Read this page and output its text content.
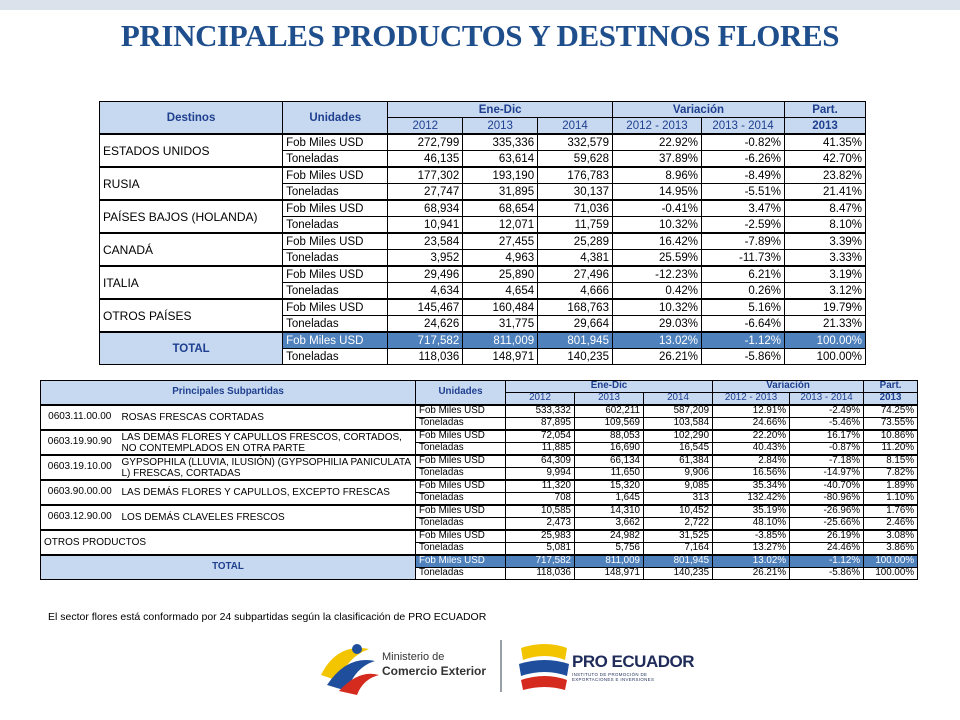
PRINCIPALES PRODUCTOS Y DESTINOS FLORES
Destinos	Unidades	Ene-Dic			Variación		Part.
		2012	2013	2014	2012 - 2013	2013 - 2014	2013
ESTADOS UNIDOS	Fob Miles USD	272,799	335,336	332,579	22.92%	-0.82%	41.35%
	Toneladas	46,135	63,614	59,628	37.89%	-6.26%	42.70%
RUSIA	Fob Miles USD	177,302	193,190	176,783	8.96%	-8.49%	23.82%
	Toneladas	27,747	31,895	30,137	14.95%	-5.51%	21.41%
PAÍSES BAJOS (HOLANDA)	Fob Miles USD	68,934	68,654	71,036	-0.41%	3.47%	8.47%
	Toneladas	10,941	12,071	11,759	10.32%	-2.59%	8.10%
CANADÁ	Fob Miles USD	23,584	27,455	25,289	16.42%	-7.89%	3.39%
	Toneladas	3,952	4,963	4,381	25.59%	-11.73%	3.33%
ITALIA	Fob Miles USD	29,496	25,890	27,496	-12.23%	6.21%	3.19%
	Toneladas	4,634	4,654	4,666	0.42%	0.26%	3.12%
OTROS PAÍSES	Fob Miles USD	145,467	160,484	168,763	10.32%	5.16%	19.79%
	Toneladas	24,626	31,775	29,664	29.03%	-6.64%	21.33%
TOTAL	Fob Miles USD	717,582	811,009	801,945	13.02%	-1.12%	100.00%
	Toneladas	118,036	148,971	140,235	26.21%	-5.86%	100.00%
Principales Subpartidas		Unidades	Ene-Dic			Variación		Part.
			2012	2013	2014	2012 - 2013	2013 - 2014	2013
0603.11.00.00	ROSAS FRESCAS CORTADAS	Fob Miles USD	533,332	602,211	587,209	12.91%	-2.49%	74.25%
		Toneladas	87,895	109,569	103,584	24.66%	-5.46%	73.55%
0603.19.90.90	LAS DEMÁS FLORES Y CAPULLOS FRESCOS, CORTADOS, NO CONTEMPLADOS EN OTRA PARTE	Fob Miles USD	72,054	88,053	102,290	22.20%	16.17%	10.86%
		Toneladas	11,885	16,690	16,545	40.43%	-0.87%	11.20%
0603.19.10.00	GYPSOPHILA (LLUVIA, ILUSIÓN) (GYPSOPHILIA PANICULATA L) FRESCAS, CORTADAS	Fob Miles USD	64,309	66,134	61,384	2.84%	-7.18%	8.15%
		Toneladas	9,994	11,650	9,906	16.56%	-14.97%	7.82%
0603.90.00.00	LAS DEMÁS FLORES Y CAPULLOS, EXCEPTO FRESCAS	Fob Miles USD	11,320	15,320	9,085	35.34%	-40.70%	1.89%
		Toneladas	708	1,645	313	132.42%	-80.96%	1.10%
0603.12.90.00	LOS DEMÁS CLAVELES FRESCOS	Fob Miles USD	10,585	14,310	10,452	35.19%	-26.96%	1.76%
		Toneladas	2,473	3,662	2,722	48.10%	-25.66%	2.46%
OTROS PRODUCTOS		Fob Miles USD	25,983	24,982	31,525	-3.85%	26.19%	3.08%
		Toneladas	5,081	5,756	7,164	13.27%	24.46%	3.86%
TOTAL		Fob Miles USD	717,582	811,009	801,945	13.02%	-1.12%	100.00%
		Toneladas	118,036	148,971	140,235	26.21%	-5.86%	100.00%
El sector flores está conformado por 24 subpartidas según la clasificación de PRO ECUADOR
Ministerio de
Comercio Exterior	PRO ECUADOR
INSTITUTO DE PROMOCIÓN DE
EXPORTACIONES E INVERSIONES
